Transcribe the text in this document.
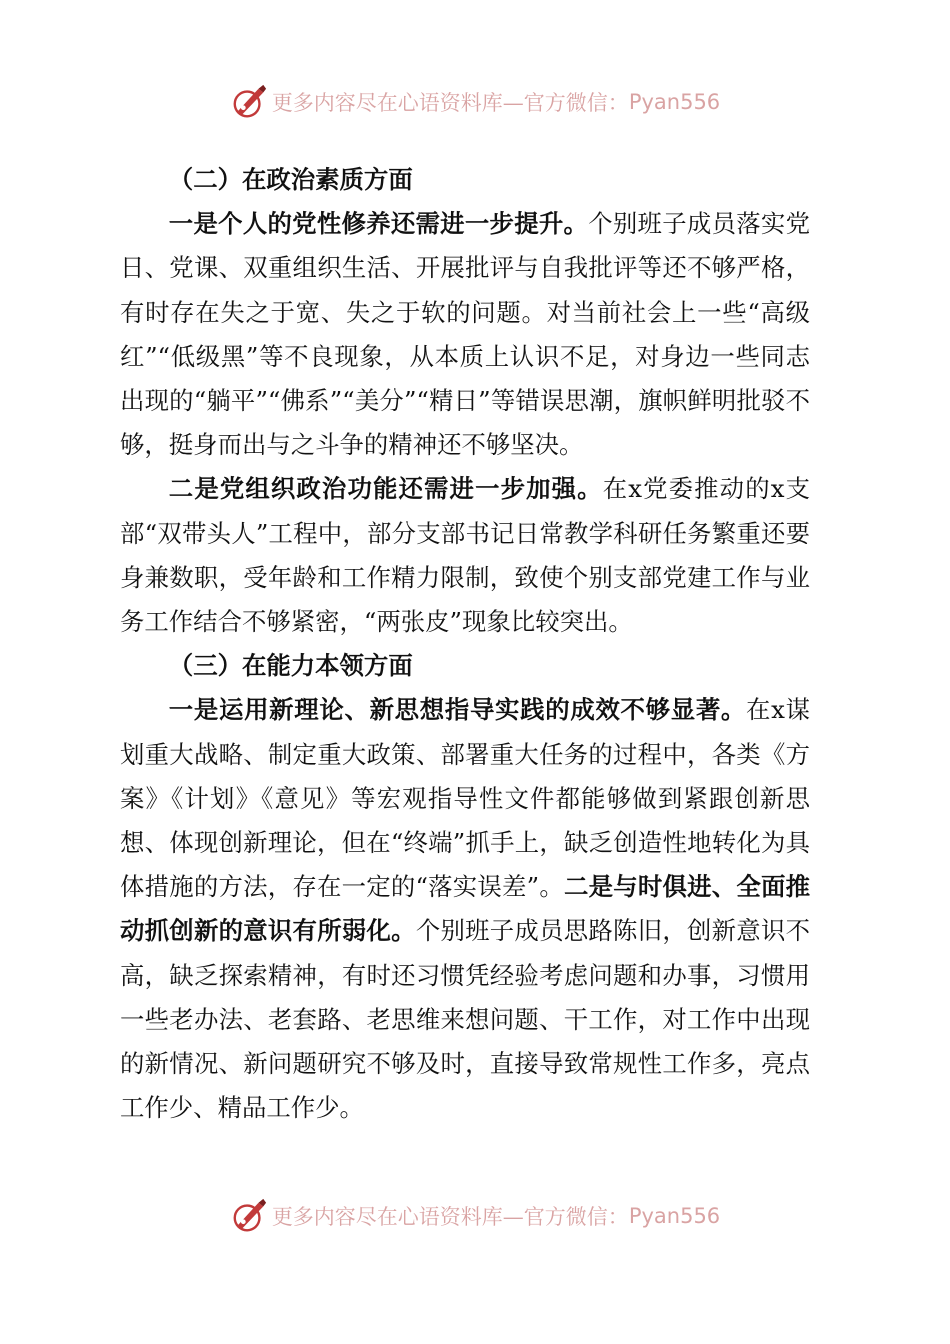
更多内容尽在心语资料库—官方微信： Pyan556
（二）在政治素质方面

一是个人的党性修养还需进一步提升。个别班子成员落实党日、党课、双重组织生活、开展批评与自我批评等还不够严格，有时存在失之于宽、失之于软的问题。对当前社会上一些“高级红”“低级黑”等不良现象，从本质上认识不足，对身边一些同志出现的“躺平”“佛系”“美分”“精日”等错误思潮，旗帜鲜明批驳不够，挺身而出与之斗争的精神还不够坚决。

二是党组织政治功能还需进一步加强。在x党委推动的x支部“双带头人”工程中，部分支部书记日常教学科研任务繁重还要身兼数职，受年龄和工作精力限制，致使个别支部党建工作与业务工作结合不够紧密，“两张皮”现象比较突出。

（三）在能力本领方面

一是运用新理论、新思想指导实践的成效不够显著。在x谋划重大战略、制定重大政策、部署重大任务的过程中，各类《方案》《计划》《意见》等宏观指导性文件都能够做到紧跟创新思想、体现创新理论，但在“终端”抓手上，缺乏创造性地转化为具体措施的方法，存在一定的“落实误差”。二是与时俱进、全面推动抓创新的意识有所弱化。个别班子成员思路陈旧，创新意识不高，缺乏探索精神，有时还习惯凭经验考虑问题和办事，习惯用一些老办法、老套路、老思维来想问题、干工作，对工作中出现的新情况、新问题研究不够及时，直接导致常规性工作多，亮点工作少、精品工作少。

更多内容尽在心语资料库—官方微信： Pyan556
